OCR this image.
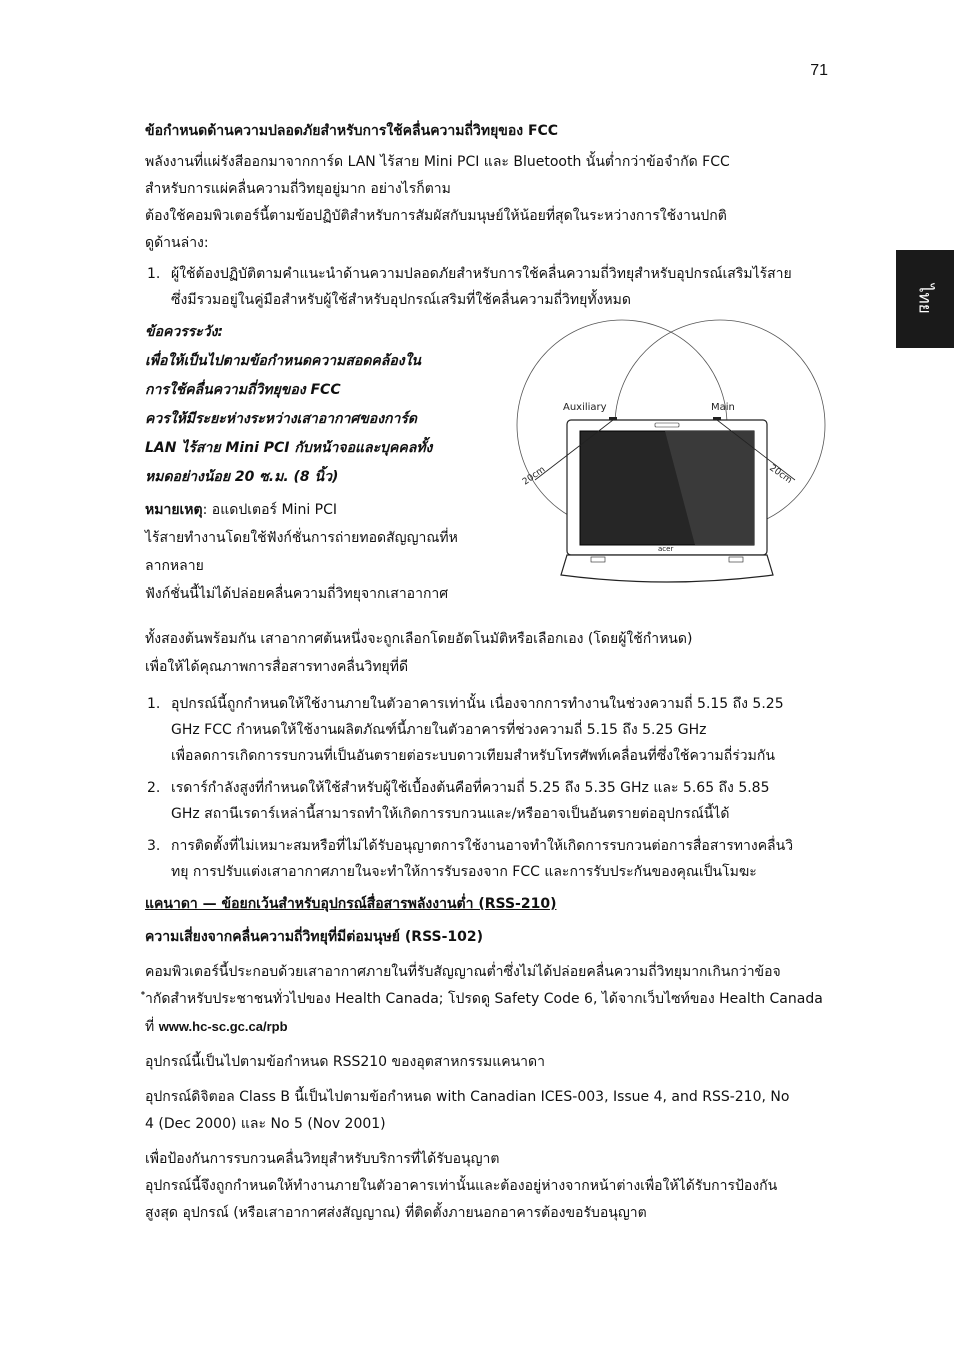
71
ไทย

ข้อกำหนดด้านความปลอดภัยสำหรับการใช้คลื่นความถี่วิทยุของ FCC

พลังงานที่แผ่รังสีออกมาจากการ์ด LAN ไร้สาย Mini PCI และ Bluetooth นั้นต่ำกว่าข้อจำกัด FCC

สำหรับการแผ่คลื่นความถี่วิทยุอยู่มาก อย่างไรก็ตาม

ต้องใช้คอมพิวเตอร์นี้ตามข้อปฏิบัติสำหรับการสัมผัสกับมนุษย์ให้น้อยที่สุดในระหว่างการใช้งานปกติ

ดูด้านล่าง:

1. ผู้ใช้ต้องปฏิบัติตามคำแนะนำด้านความปลอดภัยสำหรับการใช้คลื่นความถี่วิทยุสำหรับอุปกรณ์เสริมไร้สาย
ซึ่งมีรวมอยู่ในคู่มือสำหรับผู้ใช้สำหรับอุปกรณ์เสริมที่ใช้คลื่นความถี่วิทยุทั้งหมด

ข้อควรระวัง:

เพื่อให้เป็นไปตามข้อกำหนดความสอดคล้องใน

การใช้คลื่นความถี่วิทยุของ FCC

ควรให้มีระยะห่างระหว่างเสาอากาศของการ์ด

LAN ไร้สาย Mini PCI กับหน้าจอและบุคคลทั้ง

หมดอย่างน้อย 20 ซ.ม. (8 นิ้ว)

หมายเหตุ: อแดปเตอร์ Mini PCI

ไร้สายทำงานโดยใช้ฟังก์ชั่นการถ่ายทอดสัญญาณที่ห

ลากหลาย

ฟังก์ชั่นนี้ไม่ได้ปล่อยคลื่นความถี่วิทยุจากเสาอากาศ

acer
Auxiliary	Main
20cm	20cm

ทั้งสองต้นพร้อมกัน เสาอากาศต้นหนึ่งจะถูกเลือกโดยอัตโนมัติหรือเลือกเอง (โดยผู้ใช้กำหนด)

เพื่อให้ได้คุณภาพการสื่อสารทางคลื่นวิทยุที่ดี

1. อุปกรณ์นี้ถูกกำหนดให้ใช้งานภายในตัวอาคารเท่านั้น เนื่องจากการทำงานในช่วงความถี่ 5.15 ถึง 5.25
GHz FCC กำหนดให้ใช้งานผลิตภัณฑ์นี้ภายในตัวอาคารที่ช่วงความถี่ 5.15 ถึง 5.25 GHz
เพื่อลดการเกิดการรบกวนที่เป็นอันตรายต่อระบบดาวเทียมสำหรับโทรศัพท์เคลื่อนที่ซึ่งใช้ความถี่ร่วมกัน
2. เรดาร์กำลังสูงที่กำหนดให้ใช้สำหรับผู้ใช้เบื้องต้นคือที่ความถี่ 5.25 ถึง 5.35 GHz และ 5.65 ถึง 5.85
GHz สถานีเรดาร์เหล่านี้สามารถทำให้เกิดการรบกวนและ/หรืออาจเป็นอันตรายต่ออุปกรณ์นี้ได้
3. การติดตั้งที่ไม่เหมาะสมหรือที่ไม่ได้รับอนุญาตการใช้งานอาจทำให้เกิดการรบกวนต่อการสื่อสารทางคลื่นวิ
ทยุ การปรับแต่งเสาอากาศภายในจะทำให้การรับรองจาก FCC และการรับประกันของคุณเป็นโมฆะ

แคนาดา — ข้อยกเว้นสำหรับอุปกรณ์สื่อสารพลังงานต่ำ (RSS-210)

ความเสี่ยงจากคลื่นความถี่วิทยุที่มีต่อมนุษย์ (RSS-102)

คอมพิวเตอร์นี้ประกอบด้วยเสาอากาศภายในที่รับสัญญาณต่ำซึ่งไม่ได้ปล่อยคลื่นความถี่วิทยุมากเกินกว่าข้อจ

ำกัดสำหรับประชาชนทั่วไปของ Health Canada; โปรดดู Safety Code 6, ได้จากเว็บไซท์ของ Health Canada

ที่ www.hc-sc.gc.ca/rpb

อุปกรณ์นี้เป็นไปตามข้อกำหนด RSS210 ของอุตสาหกรรมแคนาดา

อุปกรณ์ดิจิตอล Class B นี้เป็นไปตามข้อกำหนด with Canadian ICES-003, Issue 4, and RSS-210, No

4 (Dec 2000) และ No 5 (Nov 2001)

เพื่อป้องกันการรบกวนคลื่นวิทยุสำหรับบริการที่ได้รับอนุญาต

อุปกรณ์นี้จึงถูกกำหนดให้ทำงานภายในตัวอาคารเท่านั้นและต้องอยู่ห่างจากหน้าต่างเพื่อให้ได้รับการป้องกัน

สูงสุด อุปกรณ์ (หรือเสาอากาศส่งสัญญาณ) ที่ติดตั้งภายนอกอาคารต้องขอรับอนุญาต
